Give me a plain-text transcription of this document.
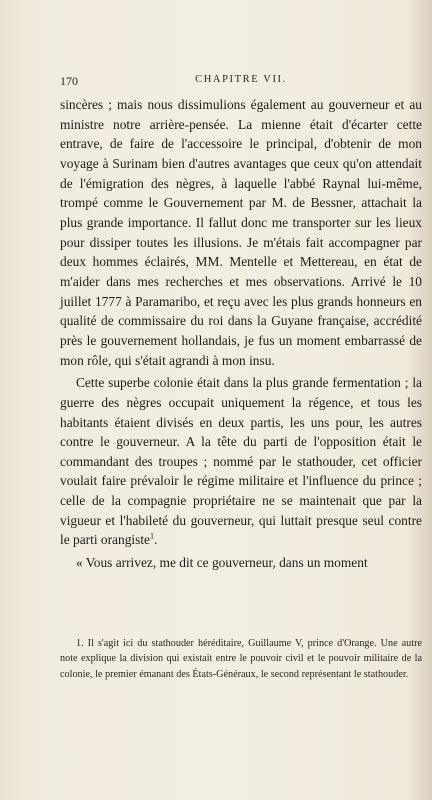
170	CHAPITRE VII.

sincères ; mais nous dissimulions également au gouverneur et au ministre notre arrière-pensée. La mienne était d'écarter cette entrave, de faire de l'accessoire le principal, d'obtenir de mon voyage à Surinam bien d'autres avantages que ceux qu'on attendait de l'émigration des nègres, à laquelle l'abbé Raynal lui-même, trompé comme le Gouvernement par M. de Bessner, attachait la plus grande importance. Il fallut donc me transporter sur les lieux pour dissiper toutes les illusions. Je m'étais fait accompagner par deux hommes éclairés, MM. Mentelle et Mettereau, en état de m'aider dans mes recherches et mes observations. Arrivé le 10 juillet 1777 à Paramaribo, et reçu avec les plus grands honneurs en qualité de commissaire du roi dans la Guyane française, accrédité près le gouvernement hollandais, je fus un moment embarrassé de mon rôle, qui s'était agrandi à mon insu.

Cette superbe colonie était dans la plus grande fermentation ; la guerre des nègres occupait uniquement la régence, et tous les habitants étaient divisés en deux partis, les uns pour, les autres contre le gouverneur. A la tête du parti de l'opposition était le commandant des troupes ; nommé par le stathouder, cet officier voulait faire prévaloir le régime militaire et l'influence du prince ; celle de la compagnie propriétaire ne se maintenait que par la vigueur et l'habileté du gouverneur, qui luttait presque seul contre le parti orangiste$^1$.

« Vous arrivez, me dit ce gouverneur, dans un moment

1. Il s'agit ici du stathouder héréditaire, Guillaume V, prince d'Orange. Une autre note explique la division qui existait entre le pouvoir civil et le pouvoir militaire de la colonie, le premier émanant des États-Généraux, le second représentant le stathouder.
